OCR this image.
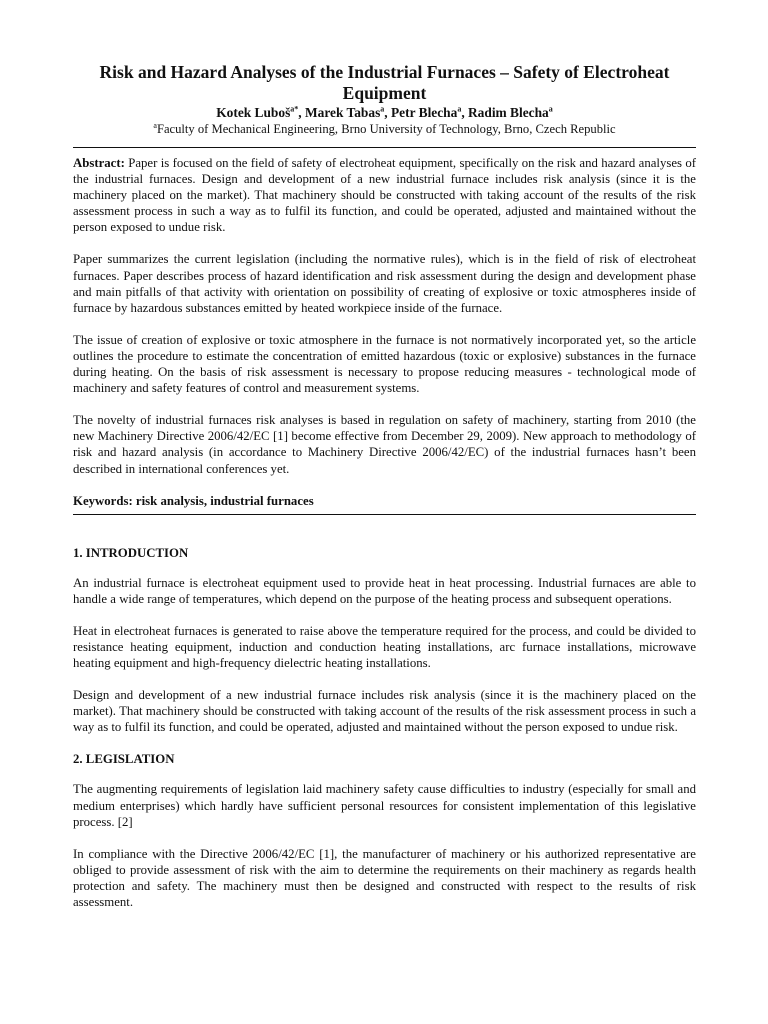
Risk and Hazard Analyses of the Industrial Furnaces – Safety of Electroheat Equipment

Kotek Luboš$^{a*}$, Marek Tabas$^a$, Petr Blecha$^a$, Radim Blecha$^a$

$^a$Faculty of Mechanical Engineering, Brno University of Technology, Brno, Czech Republic

Abstract: Paper is focused on the field of safety of electroheat equipment, specifically on the risk and hazard analyses of the industrial furnaces. Design and development of a new industrial furnace includes risk analysis (since it is the machinery placed on the market). That machinery should be constructed with taking account of the results of the risk assessment process in such a way as to fulfil its function, and could be operated, adjusted and maintained without the person exposed to undue risk.

Paper summarizes the current legislation (including the normative rules), which is in the field of risk of electroheat furnaces. Paper describes process of hazard identification and risk assessment during the design and development phase and main pitfalls of that activity with orientation on possibility of creating of explosive or toxic atmospheres inside of furnace by hazardous substances emitted by heated workpiece inside of the furnace.

The issue of creation of explosive or toxic atmosphere in the furnace is not normatively incorporated yet, so the article outlines the procedure to estimate the concentration of emitted hazardous (toxic or explosive) substances in the furnace during heating. On the basis of risk assessment is necessary to propose reducing measures - technological mode of machinery and safety features of control and measurement systems.

The novelty of industrial furnaces risk analyses is based in regulation on safety of machinery, starting from 2010 (the new Machinery Directive 2006/42/EC [1] become effective from December 29, 2009). New approach to methodology of risk and hazard analysis (in accordance to Machinery Directive 2006/42/EC) of the industrial furnaces hasn’t been described in international conferences yet.

Keywords: risk analysis, industrial furnaces

1. INTRODUCTION

An industrial furnace is electroheat equipment used to provide heat in heat processing. Industrial furnaces are able to handle a wide range of temperatures, which depend on the purpose of the heating process and subsequent operations.

Heat in electroheat furnaces is generated to raise above the temperature required for the process, and could be divided to resistance heating equipment, induction and conduction heating installations, arc furnace installations, microwave heating equipment and high-frequency dielectric heating installations.

Design and development of a new industrial furnace includes risk analysis (since it is the machinery placed on the market). That machinery should be constructed with taking account of the results of the risk assessment process in such a way as to fulfil its function, and could be operated, adjusted and maintained without the person exposed to undue risk.

2. LEGISLATION

The augmenting requirements of legislation laid machinery safety cause difficulties to industry (especially for small and medium enterprises) which hardly have sufficient personal resources for consistent implementation of this legislative process. [2]

In compliance with the Directive 2006/42/EC [1], the manufacturer of machinery or his authorized representative are obliged to provide assessment of risk with the aim to determine the requirements on their machinery as regards health protection and safety. The machinery must then be designed and constructed with respect to the results of risk assessment.
